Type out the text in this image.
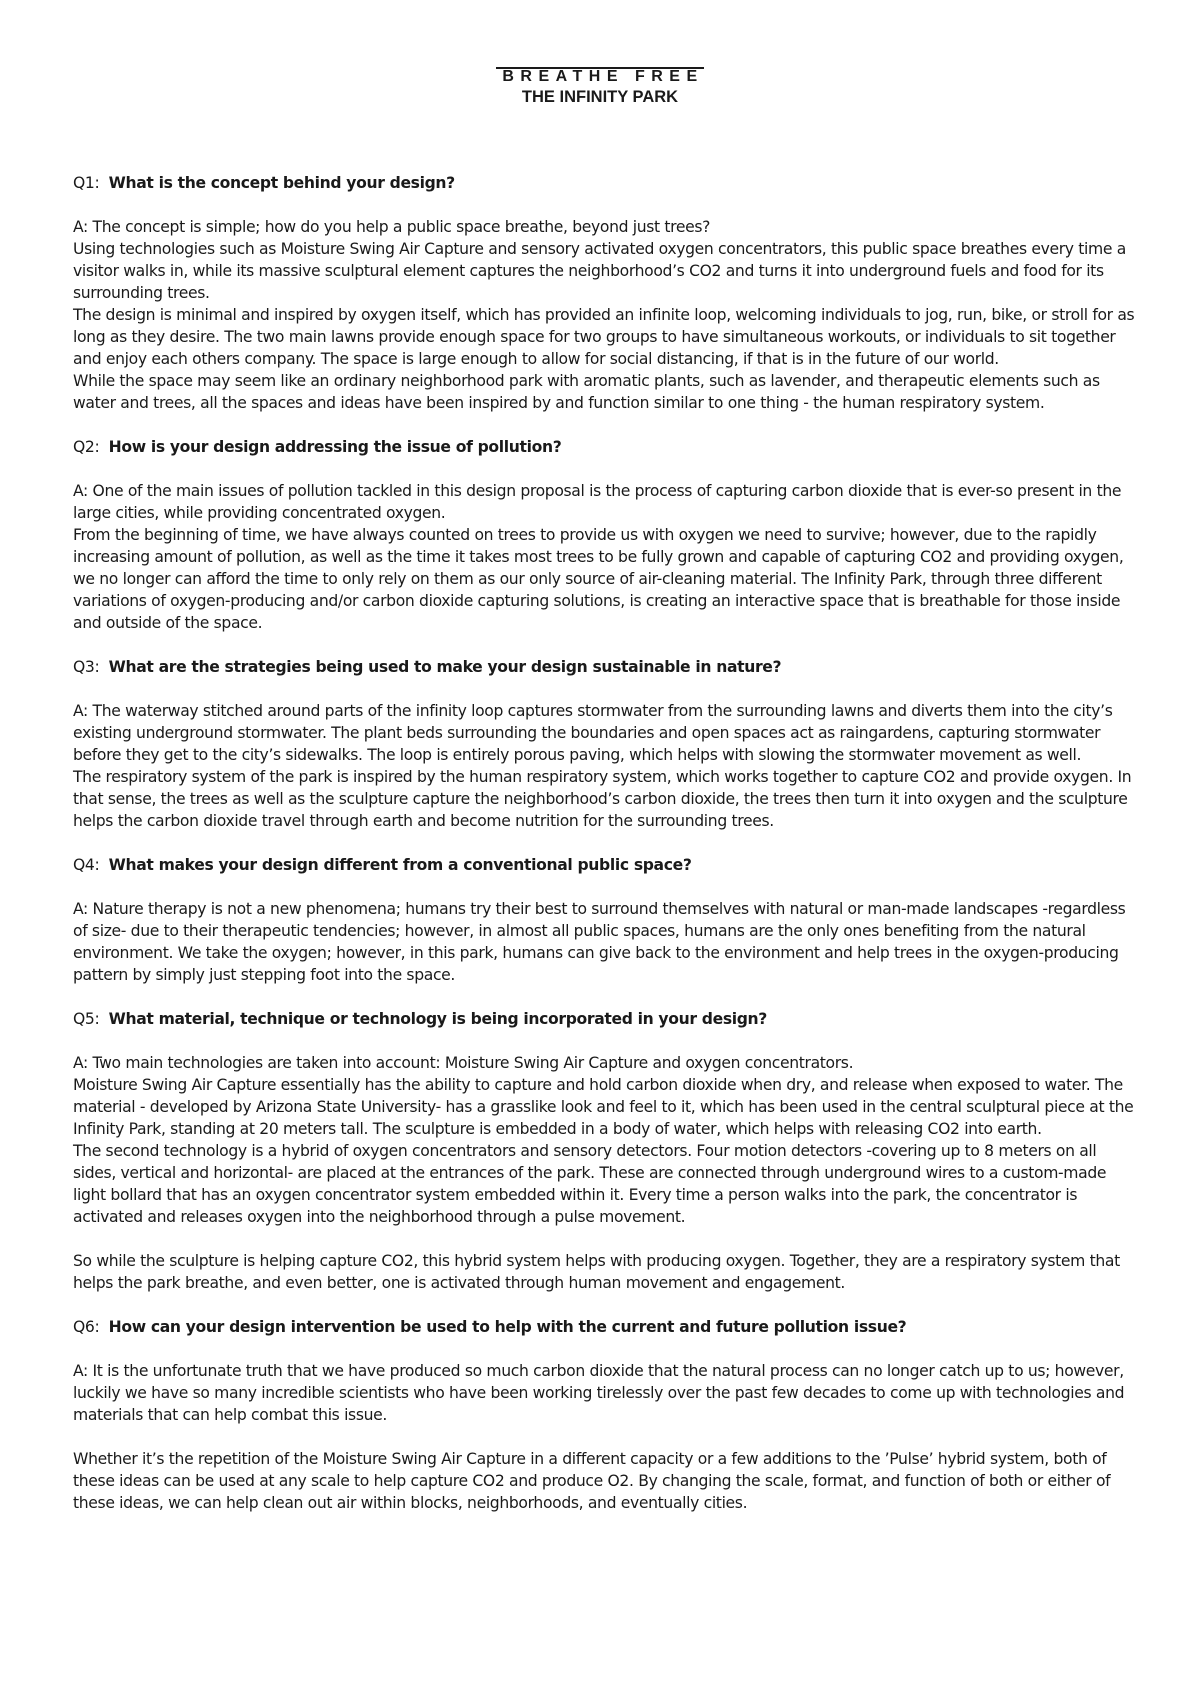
BREATHE FREE
THE INFINITY PARK
Q1: What is the concept behind your design?

A: The concept is simple; how do you help a public space breathe, beyond just trees?

Using technologies such as Moisture Swing Air Capture and sensory activated oxygen concentrators, this public space breathes every time a visitor walks in, while its massive sculptural element captures the neighborhood’s CO2 and turns it into underground fuels and food for its surrounding trees.

The design is minimal and inspired by oxygen itself, which has provided an infinite loop, welcoming individuals to jog, run, bike, or stroll for as long as they desire. The two main lawns provide enough space for two groups to have simultaneous workouts, or individuals to sit together and enjoy each others company. The space is large enough to allow for social distancing, if that is in the future of our world.

While the space may seem like an ordinary neighborhood park with aromatic plants, such as lavender, and therapeutic elements such as water and trees, all the spaces and ideas have been inspired by and function similar to one thing - the human respiratory system.

Q2: How is your design addressing the issue of pollution?

A: One of the main issues of pollution tackled in this design proposal is the process of capturing carbon dioxide that is ever-so present in the large cities, while providing concentrated oxygen.

From the beginning of time, we have always counted on trees to provide us with oxygen we need to survive; however, due to the rapidly increasing amount of pollution, as well as the time it takes most trees to be fully grown and capable of capturing CO2 and providing oxygen, we no longer can afford the time to only rely on them as our only source of air-cleaning material. The Infinity Park, through three different variations of oxygen-producing and/or carbon dioxide capturing solutions, is creating an interactive space that is breathable for those inside and outside of the space.

Q3: What are the strategies being used to make your design sustainable in nature?

A: The waterway stitched around parts of the infinity loop captures stormwater from the surrounding lawns and diverts them into the city’s existing underground stormwater. The plant beds surrounding the boundaries and open spaces act as raingardens, capturing stormwater before they get to the city’s sidewalks. The loop is entirely porous paving, which helps with slowing the stormwater movement as well.

The respiratory system of the park is inspired by the human respiratory system, which works together to capture CO2 and provide oxygen. In that sense, the trees as well as the sculpture capture the neighborhood’s carbon dioxide, the trees then turn it into oxygen and the sculpture helps the carbon dioxide travel through earth and become nutrition for the surrounding trees.

Q4: What makes your design different from a conventional public space?

A: Nature therapy is not a new phenomena; humans try their best to surround themselves with natural or man-made landscapes -regardless of size- due to their therapeutic tendencies; however, in almost all public spaces, humans are the only ones benefiting from the natural environment. We take the oxygen; however, in this park, humans can give back to the environment and help trees in the oxygen-producing pattern by simply just stepping foot into the space.

Q5: What material, technique or technology is being incorporated in your design?

A: Two main technologies are taken into account: Moisture Swing Air Capture and oxygen concentrators.

Moisture Swing Air Capture essentially has the ability to capture and hold carbon dioxide when dry, and release when exposed to water. The material - developed by Arizona State University- has a grasslike look and feel to it, which has been used in the central sculptural piece at the Infinity Park, standing at 20 meters tall. The sculpture is embedded in a body of water, which helps with releasing CO2 into earth.

The second technology is a hybrid of oxygen concentrators and sensory detectors. Four motion detectors -covering up to 8 meters on all sides, vertical and horizontal- are placed at the entrances of the park. These are connected through underground wires to a custom-made light bollard that has an oxygen concentrator system embedded within it. Every time a person walks into the park, the concentrator is activated and releases oxygen into the neighborhood through a pulse movement.

So while the sculpture is helping capture CO2, this hybrid system helps with producing oxygen. Together, they are a respiratory system that helps the park breathe, and even better, one is activated through human movement and engagement.

Q6: How can your design intervention be used to help with the current and future pollution issue?

A: It is the unfortunate truth that we have produced so much carbon dioxide that the natural process can no longer catch up to us; however, luckily we have so many incredible scientists who have been working tirelessly over the past few decades to come up with technologies and materials that can help combat this issue.

Whether it’s the repetition of the Moisture Swing Air Capture in a different capacity or a few additions to the ’Pulse’ hybrid system, both of these ideas can be used at any scale to help capture CO2 and produce O2. By changing the scale, format, and function of both or either of these ideas, we can help clean out air within blocks, neighborhoods, and eventually cities.
